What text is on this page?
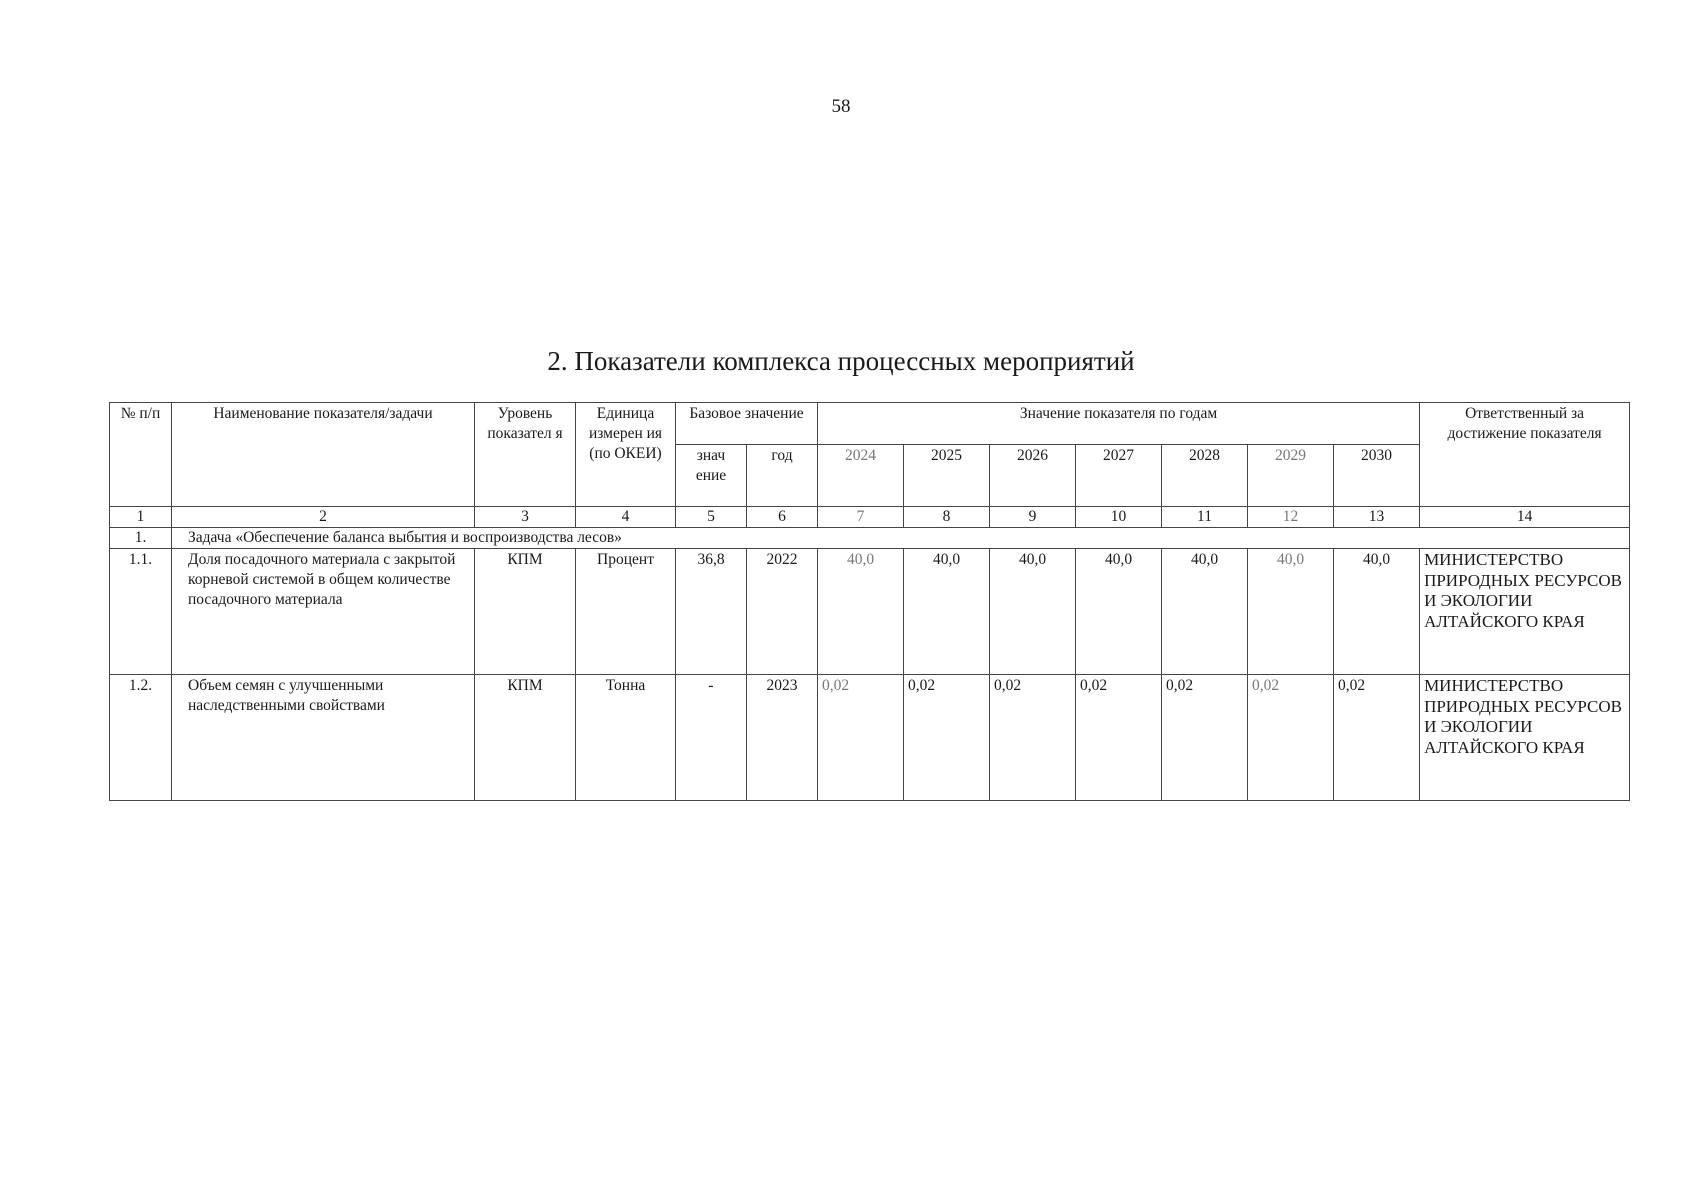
58
2. Показатели комплекса процессных мероприятий
№ п/п	Наименование показателя/задачи	Уровень показател я	Единица измерен ия (по ОКЕИ)	Базовое значение		Значение показателя по годам							Ответственный за достижение показателя
				знач ение	год	2024	2025	2026	2027	2028	2029	2030	
1	2	3	4	5	6	7	8	9	10	11	12	13	14
1.	Задача «Обеспечение баланса выбытия и воспроизводства лесов»												
1.1.	Доля посадочного материала с закрытой корневой системой в общем количестве посадочного материала	КПМ	Процент	36,8	2022	40,0	40,0	40,0	40,0	40,0	40,0	40,0	МИНИСТЕРСТВО ПРИРОДНЫХ РЕСУРСОВ И ЭКОЛОГИИ АЛТАЙСКОГО КРАЯ
1.2.	Объем семян с улучшенными наследственными свойствами	КПМ	Тонна	-	2023	0,02	0,02	0,02	0,02	0,02	0,02	0,02	МИНИСТЕРСТВО ПРИРОДНЫХ РЕСУРСОВ И ЭКОЛОГИИ АЛТАЙСКОГО КРАЯ
